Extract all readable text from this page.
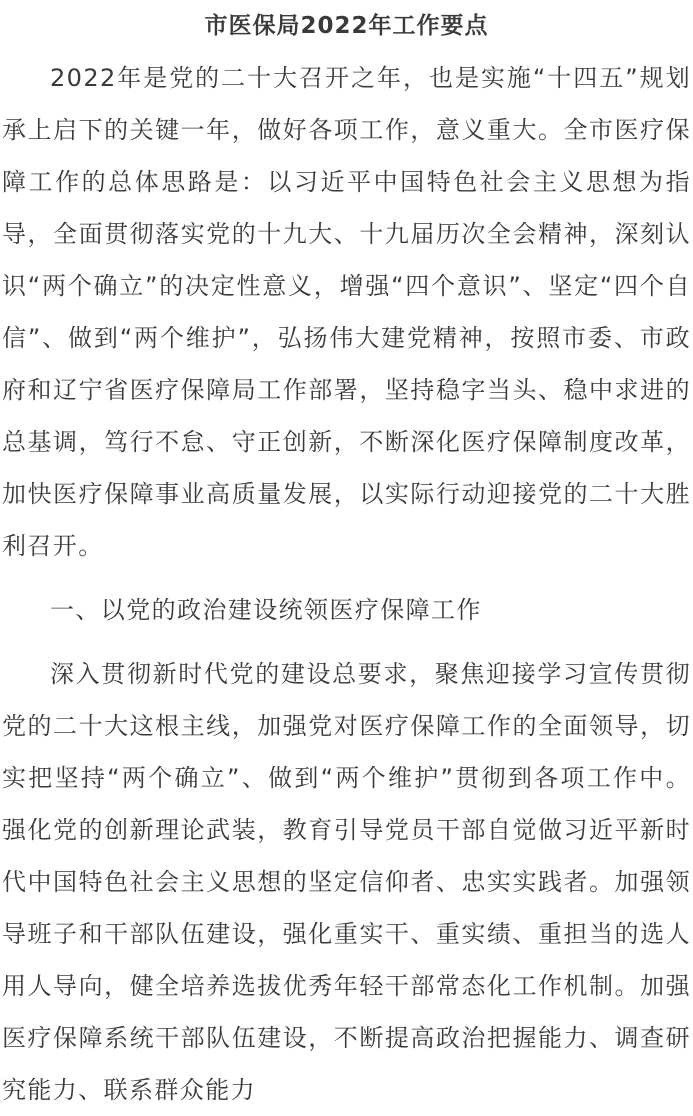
市医保局2022年工作要点

2022年是党的二十大召开之年，也是实施“十四五”规划承上启下的关键一年，做好各项工作，意义重大。全市医疗保障工作的总体思路是：以习近平中国特色社会主义思想为指导，全面贯彻落实党的十九大、十九届历次全会精神，深刻认识“两个确立”的决定性意义，增强“四个意识”、坚定“四个自信”、做到“两个维护”，弘扬伟大建党精神，按照市委、市政府和辽宁省医疗保障局工作部署，坚持稳字当头、稳中求进的总基调，笃行不怠、守正创新，不断深化医疗保障制度改革，加快医疗保障事业高质量发展，以实际行动迎接党的二十大胜利召开。

一、以党的政治建设统领医疗保障工作

深入贯彻新时代党的建设总要求，聚焦迎接学习宣传贯彻党的二十大这根主线，加强党对医疗保障工作的全面领导，切实把坚持“两个确立”、做到“两个维护”贯彻到各项工作中。强化党的创新理论武装，教育引导党员干部自觉做习近平新时代中国特色社会主义思想的坚定信仰者、忠实实践者。加强领导班子和干部队伍建设，强化重实干、重实绩、重担当的选人用人导向，健全培养选拔优秀年轻干部常态化工作机制。加强医疗保障系统干部队伍建设，不断提高政治把握能力、调查研究能力、联系群众能力
